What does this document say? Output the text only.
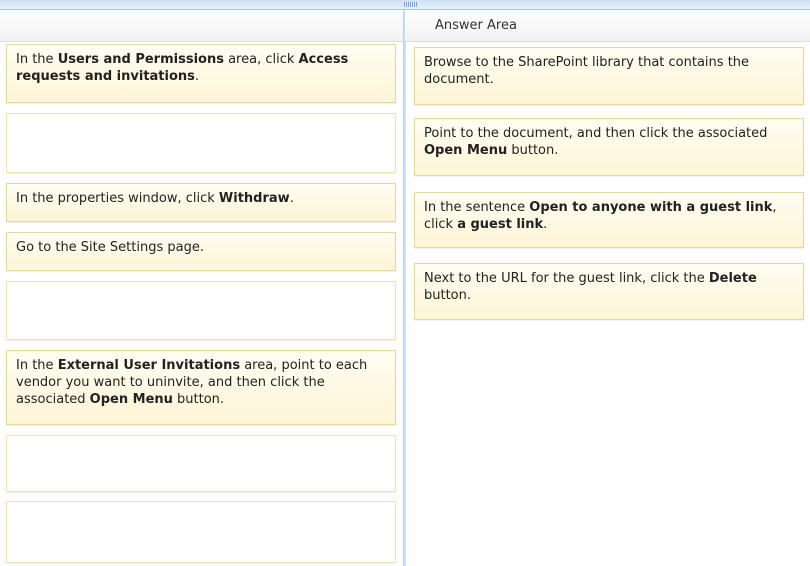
In the Users and Permissions area, click Access requests and invitations.
In the properties window, click Withdraw.
Go to the Site Settings page.
In the External User Invitations area, point to each vendor you want to uninvite, and then click the associated Open Menu button.
Answer Area
Browse to the SharePoint library that contains the document.
Point to the document, and then click the associated Open Menu button.
In the sentence Open to anyone with a guest link, click a guest link.
Next to the URL for the guest link, click the Delete button.
